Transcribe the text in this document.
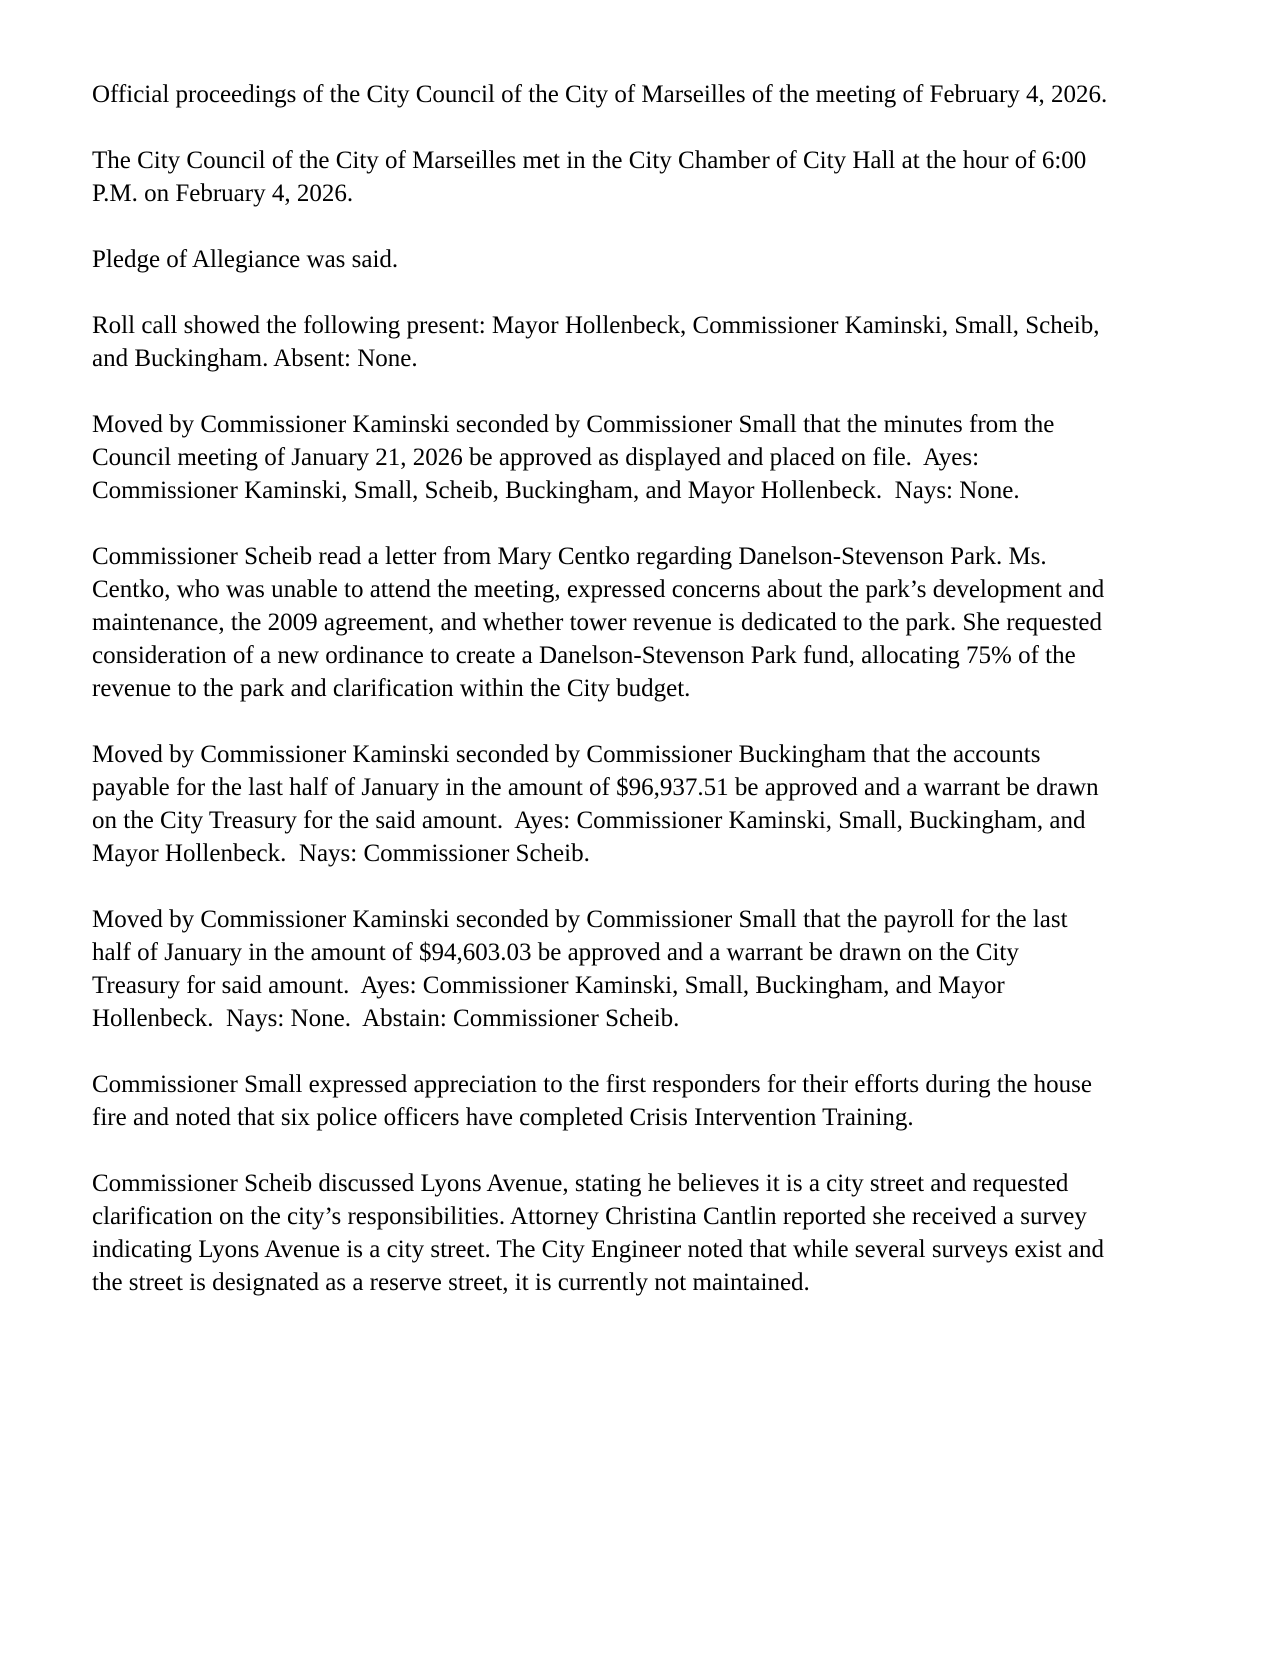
Official proceedings of the City Council of the City of Marseilles of the meeting of February 4, 2026.

The City Council of the City of Marseilles met in the City Chamber of City Hall at the hour of 6:00 P.M. on February 4, 2026.

Pledge of Allegiance was said.

Roll call showed the following present: Mayor Hollenbeck, Commissioner Kaminski, Small, Scheib, and Buckingham. Absent: None.

Moved by Commissioner Kaminski seconded by Commissioner Small that the minutes from the Council meeting of January 21, 2026 be approved as displayed and placed on file.  Ayes: Commissioner Kaminski, Small, Scheib, Buckingham, and Mayor Hollenbeck.  Nays: None.

Commissioner Scheib read a letter from Mary Centko regarding Danelson-Stevenson Park. Ms. Centko, who was unable to attend the meeting, expressed concerns about the park’s development and maintenance, the 2009 agreement, and whether tower revenue is dedicated to the park. She requested consideration of a new ordinance to create a Danelson-Stevenson Park fund, allocating 75% of the revenue to the park and clarification within the City budget.

Moved by Commissioner Kaminski seconded by Commissioner Buckingham that the accounts payable for the last half of January in the amount of $96,937.51 be approved and a warrant be drawn on the City Treasury for the said amount.  Ayes: Commissioner Kaminski, Small, Buckingham, and Mayor Hollenbeck.  Nays: Commissioner Scheib.

Moved by Commissioner Kaminski seconded by Commissioner Small that the payroll for the last half of January in the amount of $94,603.03 be approved and a warrant be drawn on the City Treasury for said amount.  Ayes: Commissioner Kaminski, Small, Buckingham, and Mayor Hollenbeck.  Nays: None.  Abstain: Commissioner Scheib.

Commissioner Small expressed appreciation to the first responders for their efforts during the house fire and noted that six police officers have completed Crisis Intervention Training.

Commissioner Scheib discussed Lyons Avenue, stating he believes it is a city street and requested clarification on the city’s responsibilities. Attorney Christina Cantlin reported she received a survey indicating Lyons Avenue is a city street. The City Engineer noted that while several surveys exist and the street is designated as a reserve street, it is currently not maintained.
